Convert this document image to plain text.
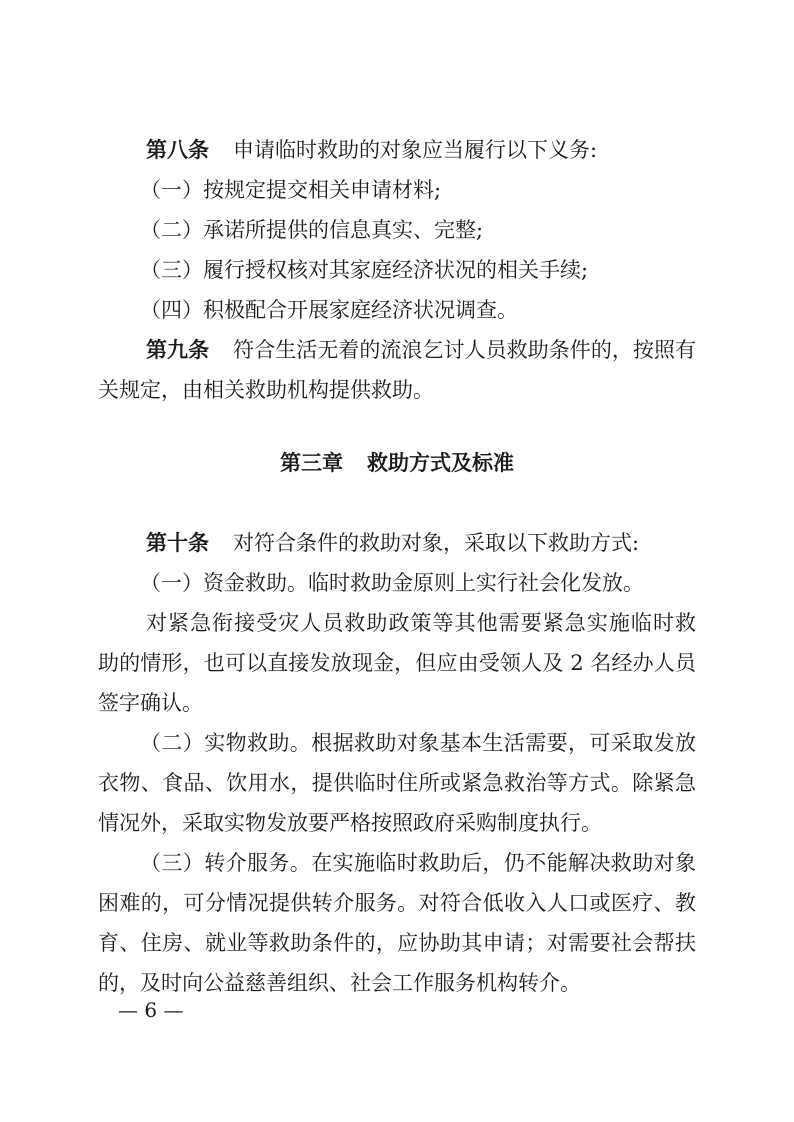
第八条 申请临时救助的对象应当履行以下义务:
（一）按规定提交相关申请材料;
（二）承诺所提供的信息真实、完整;
（三）履行授权核对其家庭经济状况的相关手续;
（四）积极配合开展家庭经济状况调查。
第九条 符合生活无着的流浪乞讨人员救助条件的，按照有
关规定，由相关救助机构提供救助。
第三章 救助方式及标准
第十条 对符合条件的救助对象，采取以下救助方式:
（一）资金救助。临时救助金原则上实行社会化发放。
对紧急衔接受灾人员救助政策等其他需要紧急实施临时救
助的情形，也可以直接发放现金，但应由受领人及 2 名经办人员
签字确认。
（二）实物救助。根据救助对象基本生活需要，可采取发放
衣物、食品、饮用水，提供临时住所或紧急救治等方式。除紧急
情况外，采取实物发放要严格按照政府采购制度执行。
（三）转介服务。在实施临时救助后，仍不能解决救助对象
困难的，可分情况提供转介服务。对符合低收入人口或医疗、教
育、住房、就业等救助条件的，应协助其申请；对需要社会帮扶
的，及时向公益慈善组织、社会工作服务机构转介。
— 6 —
